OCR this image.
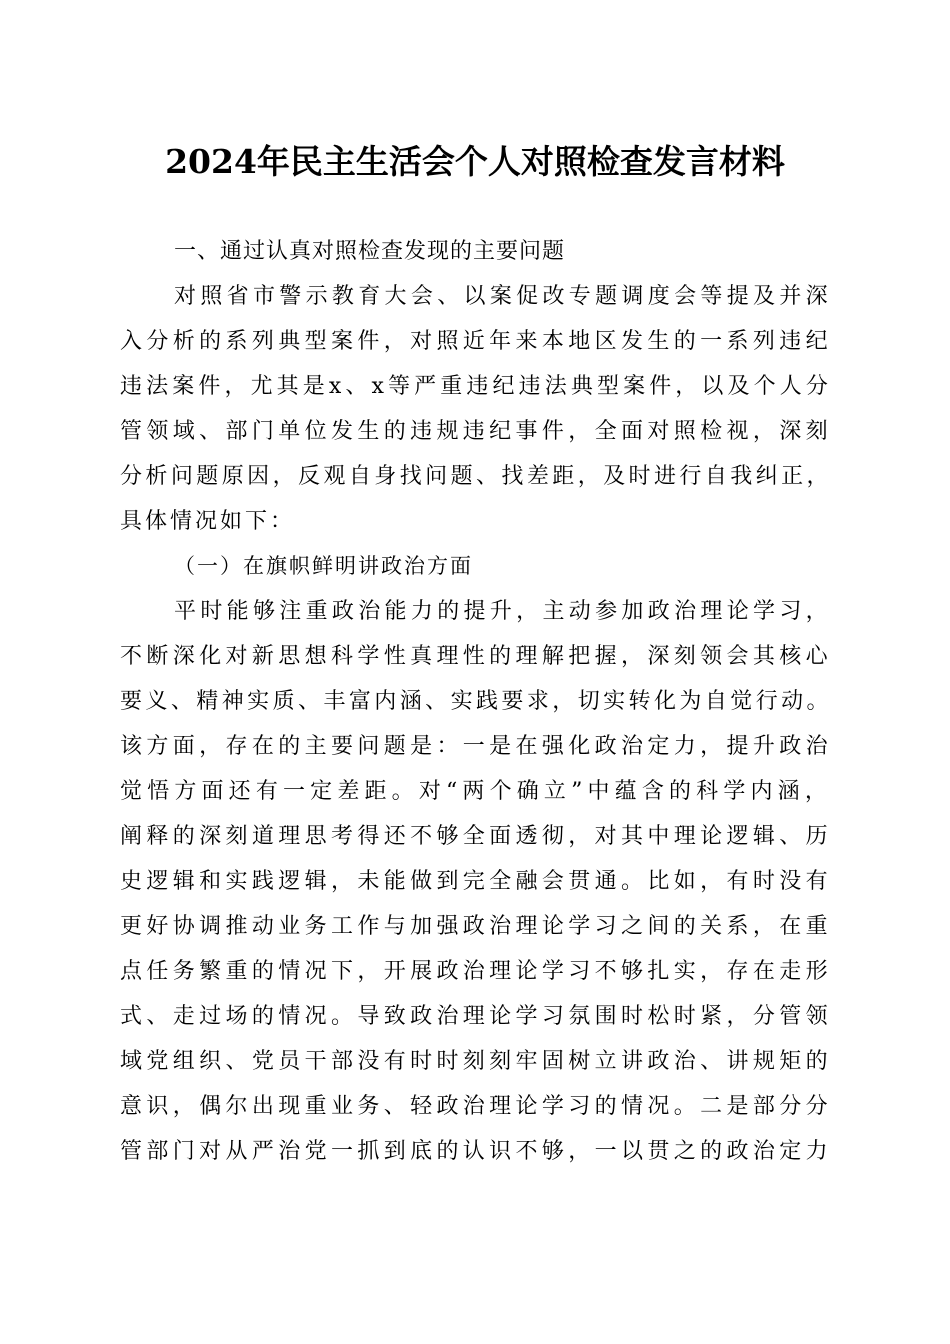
2024年民主生活会个人对照检查发言材料
一、通过认真对照检查发现的主要问题
对照省市警示教育大会、以案促改专题调度会等提及并深
入分析的系列典型案件，对照近年来本地区发生的一系列违纪
违法案件，尤其是x、x等严重违纪违法典型案件，以及个人分
管领域、部门单位发生的违规违纪事件，全面对照检视，深刻
分析问题原因，反观自身找问题、找差距，及时进行自我纠正，
具体情况如下：
（一）在旗帜鲜明讲政治方面
平时能够注重政治能力的提升，主动参加政治理论学习，
不断深化对新思想科学性真理性的理解把握，深刻领会其核心
要义、精神实质、丰富内涵、实践要求，切实转化为自觉行动。
该方面，存在的主要问题是：一是在强化政治定力，提升政治
觉悟方面还有一定差距。对“两个确立”中蕴含的科学内涵，
阐释的深刻道理思考得还不够全面透彻，对其中理论逻辑、历
史逻辑和实践逻辑，未能做到完全融会贯通。比如，有时没有
更好协调推动业务工作与加强政治理论学习之间的关系，在重
点任务繁重的情况下，开展政治理论学习不够扎实，存在走形
式、走过场的情况。导致政治理论学习氛围时松时紧，分管领
域党组织、党员干部没有时时刻刻牢固树立讲政治、讲规矩的
意识，偶尔出现重业务、轻政治理论学习的情况。二是部分分
管部门对从严治党一抓到底的认识不够，一以贯之的政治定力
